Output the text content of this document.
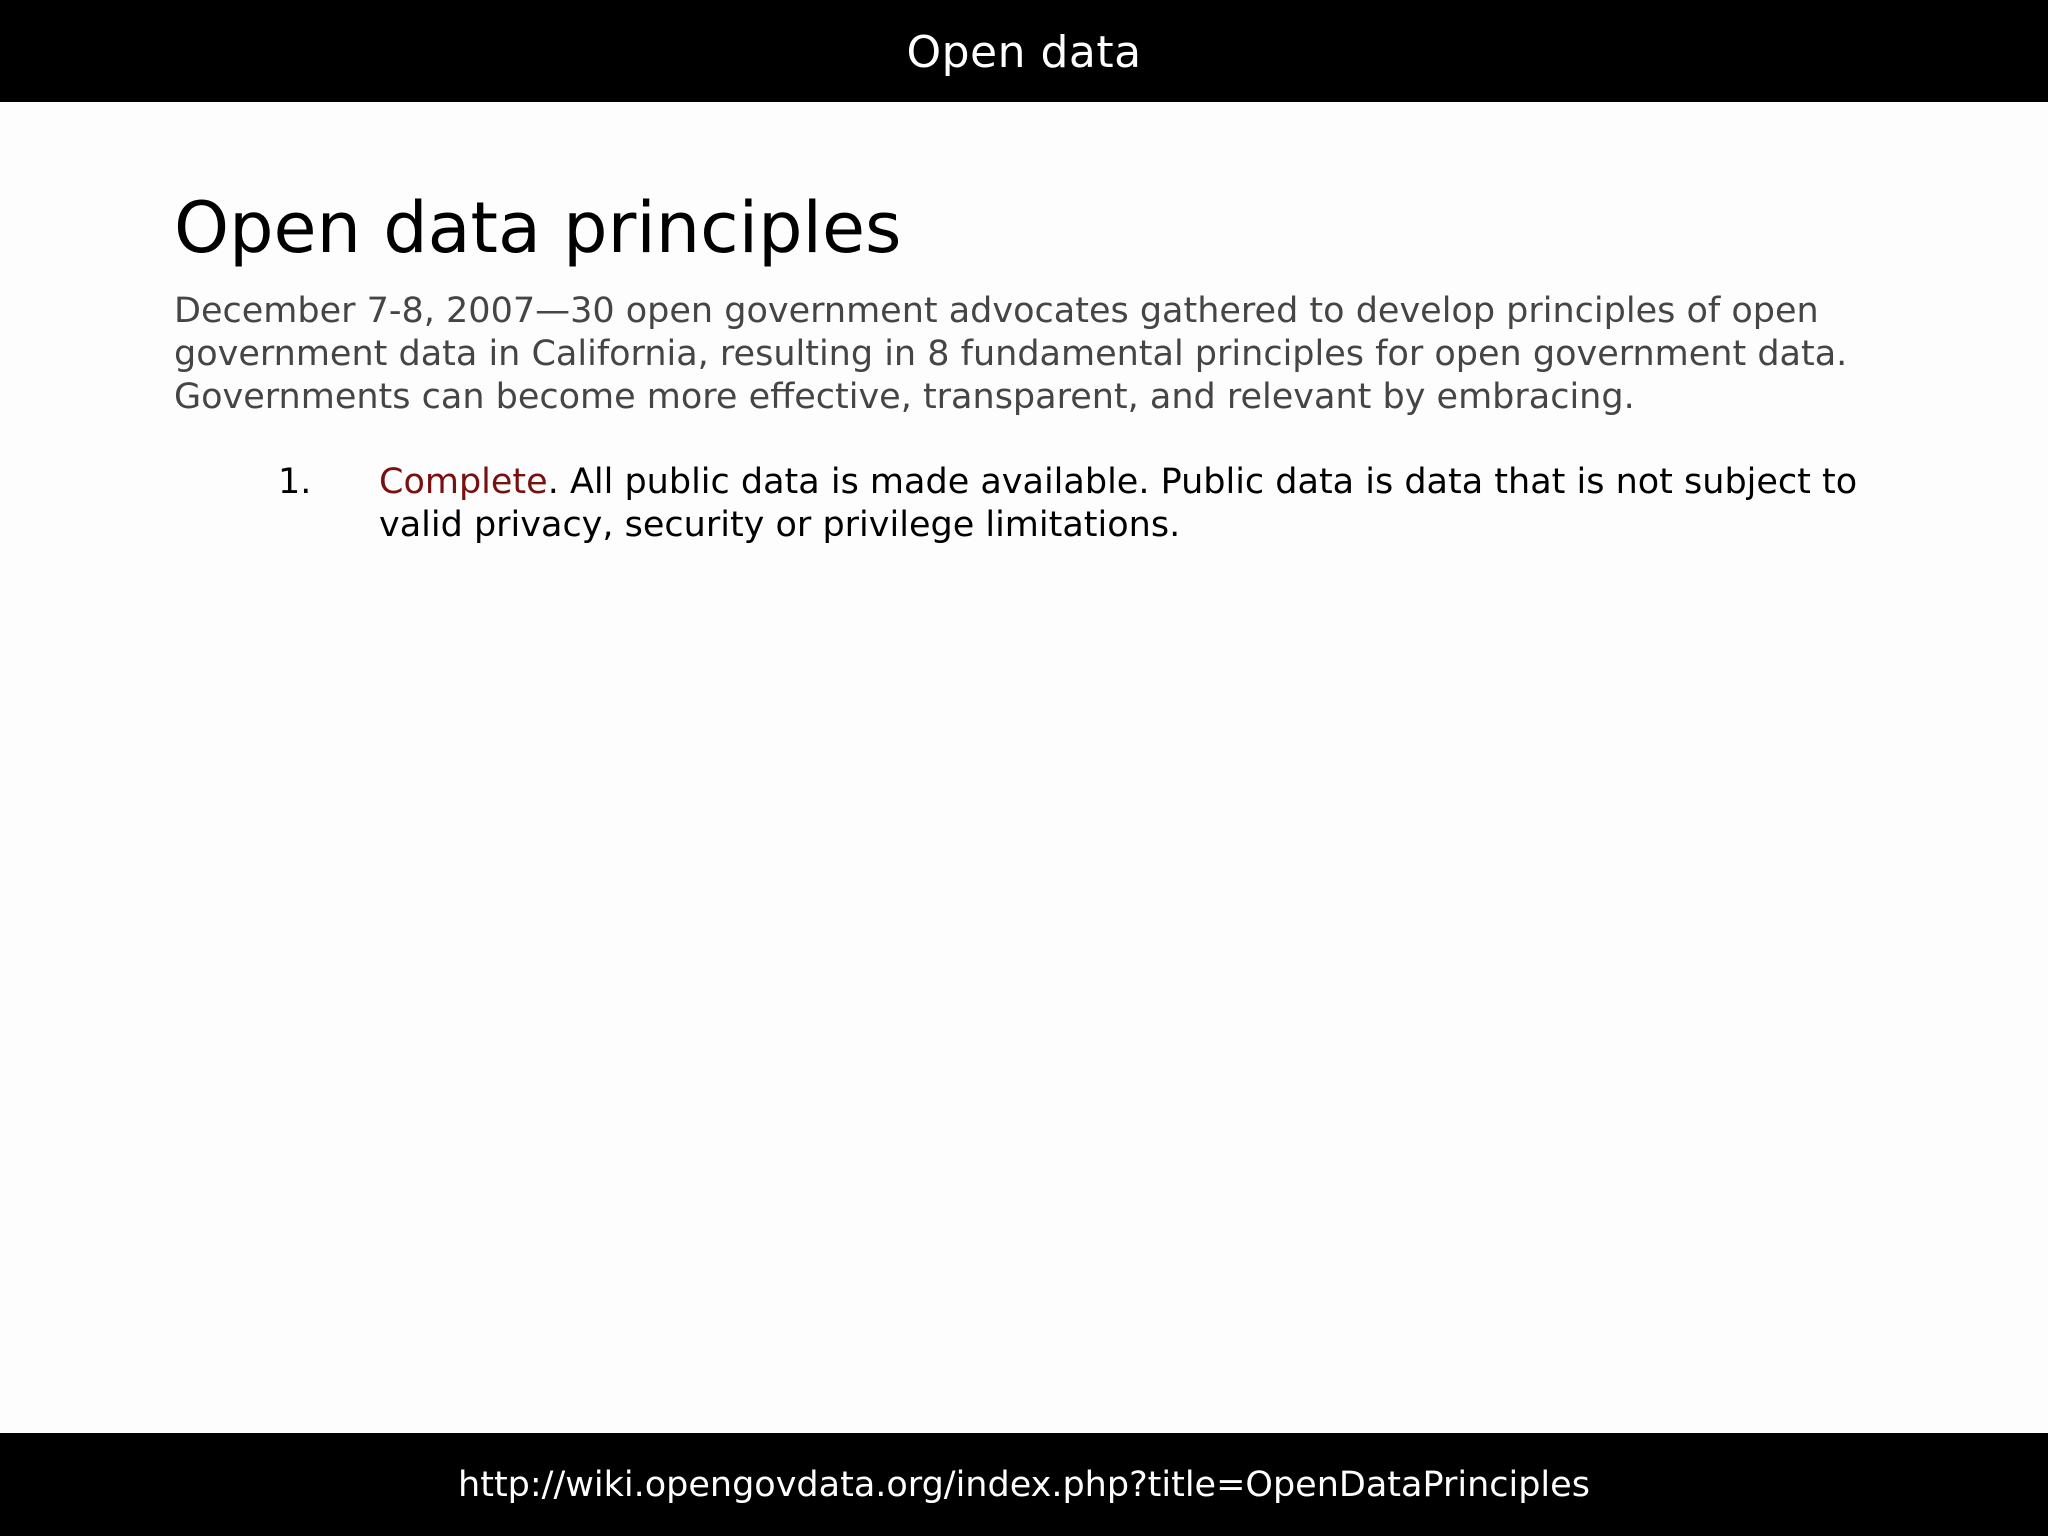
Open data
Open data principles

December 7-8, 2007—30 open government advocates gathered to develop principles of open government data in California, resulting in 8 fundamental principles for open government data. Governments can become more effective, transparent, and relevant by embracing.

1.	Complete. All public data is made available. Public data is data that is not subject to valid privacy, security or privilege limitations.
http://wiki.opengovdata.org/index.php?title=OpenDataPrinciples
